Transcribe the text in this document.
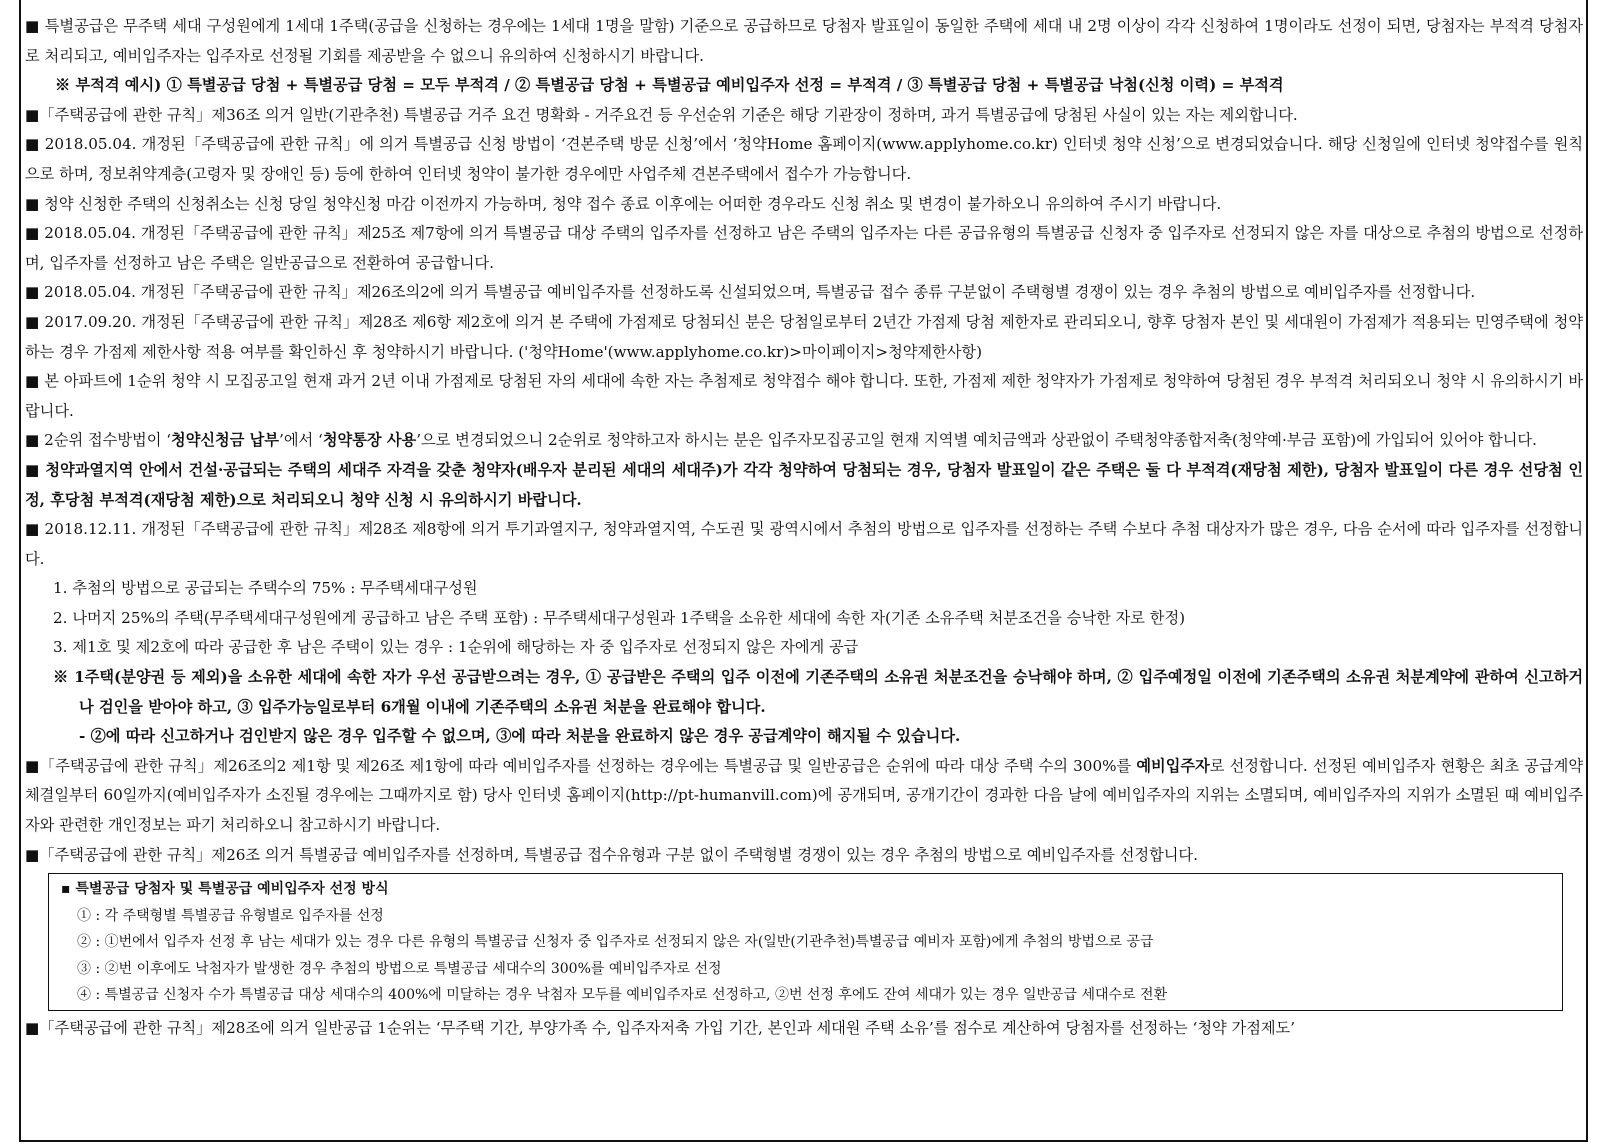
■ 특별공급은 무주택 세대 구성원에게 1세대 1주택(공급을 신청하는 경우에는 1세대 1명을 말함) 기준으로 공급하므로 당첨자 발표일이 동일한 주택에 세대 내 2명 이상이 각각 신청하여 1명이라도 선정이 되면, 당첨자는 부적격 당첨자로 처리되고, 예비입주자는 입주자로 선정될 기회를 제공받을 수 없으니 유의하여 신청하시기 바랍니다.

※ 부적격 예시) ① 특별공급 당첨 + 특별공급 당첨 = 모두 부적격 / ② 특별공급 당첨 + 특별공급 예비입주자 선정 = 부적격 / ③ 특별공급 당첨 + 특별공급 낙첨(신청 이력) = 부적격

■「주택공급에 관한 규칙」제36조 의거 일반(기관추천) 특별공급 거주 요건 명확화 - 거주요건 등 우선순위 기준은 해당 기관장이 정하며, 과거 특별공급에 당첨된 사실이 있는 자는 제외합니다.

■ 2018.05.04. 개정된「주택공급에 관한 규칙」에 의거 특별공급 신청 방법이 ‘견본주택 방문 신청’에서 ‘청약Home 홈페이지(www.applyhome.co.kr) 인터넷 청약 신청’으로 변경되었습니다. 해당 신청일에 인터넷 청약접수를 원칙으로 하며, 정보취약계층(고령자 및 장애인 등) 등에 한하여 인터넷 청약이 불가한 경우에만 사업주체 견본주택에서 접수가 가능합니다.

■ 청약 신청한 주택의 신청취소는 신청 당일 청약신청 마감 이전까지 가능하며, 청약 접수 종료 이후에는 어떠한 경우라도 신청 취소 및 변경이 불가하오니 유의하여 주시기 바랍니다.

■ 2018.05.04. 개정된「주택공급에 관한 규칙」제25조 제7항에 의거 특별공급 대상 주택의 입주자를 선정하고 남은 주택의 입주자는 다른 공급유형의 특별공급 신청자 중 입주자로 선정되지 않은 자를 대상으로 추첨의 방법으로 선정하며, 입주자를 선정하고 남은 주택은 일반공급으로 전환하여 공급합니다.

■ 2018.05.04. 개정된「주택공급에 관한 규칙」제26조의2에 의거 특별공급 예비입주자를 선정하도록 신설되었으며, 특별공급 접수 종류 구분없이 주택형별 경쟁이 있는 경우 추첨의 방법으로 예비입주자를 선정합니다.

■ 2017.09.20. 개정된「주택공급에 관한 규칙」제28조 제6항 제2호에 의거 본 주택에 가점제로 당첨되신 분은 당첨일로부터 2년간 가점제 당첨 제한자로 관리되오니, 향후 당첨자 본인 및 세대원이 가점제가 적용되는 민영주택에 청약하는 경우 가점제 제한사항 적용 여부를 확인하신 후 청약하시기 바랍니다. ('청약Home'(www.applyhome.co.kr)>마이페이지>청약제한사항)

■ 본 아파트에 1순위 청약 시 모집공고일 현재 과거 2년 이내 가점제로 당첨된 자의 세대에 속한 자는 추첨제로 청약접수 해야 합니다. 또한, 가점제 제한 청약자가 가점제로 청약하여 당첨된 경우 부적격 처리되오니 청약 시 유의하시기 바랍니다.

■ 2순위 접수방법이 ‘청약신청금 납부’에서 ‘청약통장 사용’으로 변경되었으니 2순위로 청약하고자 하시는 분은 입주자모집공고일 현재 지역별 예치금액과 상관없이 주택청약종합저축(청약예·부금 포함)에 가입되어 있어야 합니다.

■ 청약과열지역 안에서 건설·공급되는 주택의 세대주 자격을 갖춘 청약자(배우자 분리된 세대의 세대주)가 각각 청약하여 당첨되는 경우, 당첨자 발표일이 같은 주택은 둘 다 부적격(재당첨 제한), 당첨자 발표일이 다른 경우 선당첨 인정, 후당첨 부적격(재당첨 제한)으로 처리되오니 청약 신청 시 유의하시기 바랍니다.

■ 2018.12.11. 개정된「주택공급에 관한 규칙」제28조 제8항에 의거 투기과열지구, 청약과열지역, 수도권 및 광역시에서 추첨의 방법으로 입주자를 선정하는 주택 수보다 추첨 대상자가 많은 경우, 다음 순서에 따라 입주자를 선정합니다.

1. 추첨의 방법으로 공급되는 주택수의 75% : 무주택세대구성원

2. 나머지 25%의 주택(무주택세대구성원에게 공급하고 남은 주택 포함) : 무주택세대구성원과 1주택을 소유한 세대에 속한 자(기존 소유주택 처분조건을 승낙한 자로 한정)

3. 제1호 및 제2호에 따라 공급한 후 남은 주택이 있는 경우 : 1순위에 해당하는 자 중 입주자로 선정되지 않은 자에게 공급

※ 1주택(분양권 등 제외)을 소유한 세대에 속한 자가 우선 공급받으려는 경우, ① 공급받은 주택의 입주 이전에 기존주택의 소유권 처분조건을 승낙해야 하며, ② 입주예정일 이전에 기존주택의 소유권 처분계약에 관하여 신고하거나 검인을 받아야 하고, ③ 입주가능일로부터 6개월 이내에 기존주택의 소유권 처분을 완료해야 합니다.

- ②에 따라 신고하거나 검인받지 않은 경우 입주할 수 없으며, ③에 따라 처분을 완료하지 않은 경우 공급계약이 해지될 수 있습니다.

■「주택공급에 관한 규칙」제26조의2 제1항 및 제26조 제1항에 따라 예비입주자를 선정하는 경우에는 특별공급 및 일반공급은 순위에 따라 대상 주택 수의 300%를 예비입주자로 선정합니다. 선정된 예비입주자 현황은 최초 공급계약 체결일부터 60일까지(예비입주자가 소진될 경우에는 그때까지로 함) 당사 인터넷 홈페이지(http://pt-humanvill.com)에 공개되며, 공개기간이 경과한 다음 날에 예비입주자의 지위는 소멸되며, 예비입주자의 지위가 소멸된 때 예비입주자와 관련한 개인정보는 파기 처리하오니 참고하시기 바랍니다.

■「주택공급에 관한 규칙」제26조 의거 특별공급 예비입주자를 선정하며, 특별공급 접수유형과 구분 없이 주택형별 경쟁이 있는 경우 추첨의 방법으로 예비입주자를 선정합니다.

▪ 특별공급 당첨자 및 특별공급 예비입주자 선정 방식
① : 각 주택형별 특별공급 유형별로 입주자를 선정
② : ①번에서 입주자 선정 후 남는 세대가 있는 경우 다른 유형의 특별공급 신청자 중 입주자로 선정되지 않은 자(일반(기관추천)특별공급 예비자 포함)에게 추첨의 방법으로 공급
③ : ②번 이후에도 낙첨자가 발생한 경우 추첨의 방법으로 특별공급 세대수의 300%를 예비입주자로 선정
④ : 특별공급 신청자 수가 특별공급 대상 세대수의 400%에 미달하는 경우 낙첨자 모두를 예비입주자로 선정하고, ②번 선정 후에도 잔여 세대가 있는 경우 일반공급 세대수로 전환

■「주택공급에 관한 규칙」제28조에 의거 일반공급 1순위는 ‘무주택 기간, 부양가족 수, 입주자저축 가입 기간, 본인과 세대원 주택 소유’를 점수로 계산하여 당첨자를 선정하는 ‘청약 가점제도’
